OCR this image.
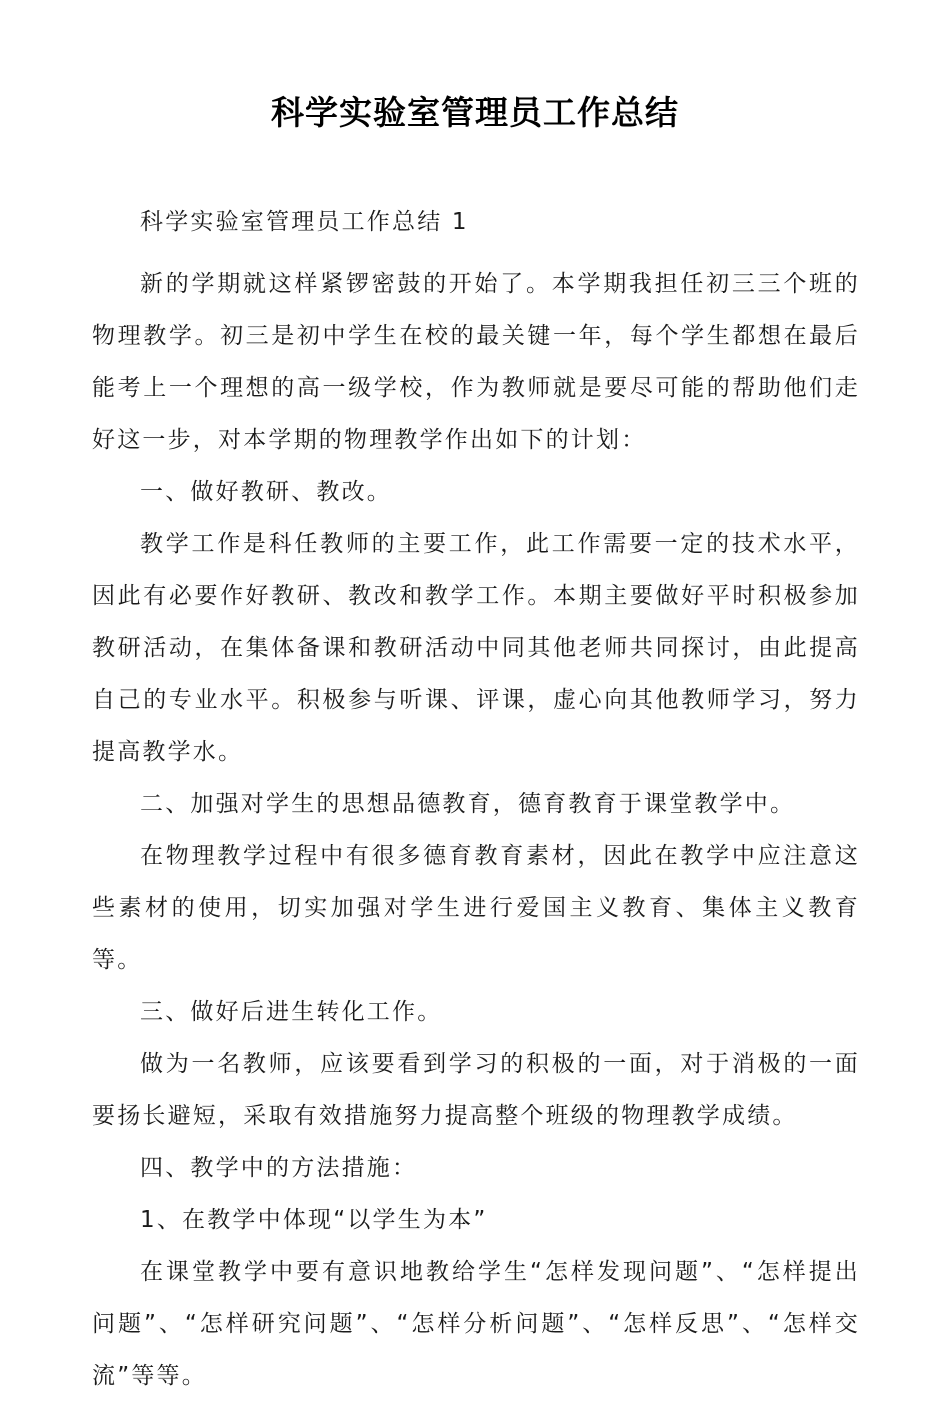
科学实验室管理员工作总结

科学实验室管理员工作总结 1

新的学期就这样紧锣密鼓的开始了。本学期我担任初三三个班的物理教学。初三是初中学生在校的最关键一年，每个学生都想在最后能考上一个理想的高一级学校，作为教师就是要尽可能的帮助他们走好这一步，对本学期的物理教学作出如下的计划：

一、做好教研、教改。

教学工作是科任教师的主要工作，此工作需要一定的技术水平，因此有必要作好教研、教改和教学工作。本期主要做好平时积极参加教研活动，在集体备课和教研活动中同其他老师共同探讨，由此提高自己的专业水平。积极参与听课、评课，虚心向其他教师学习，努力提高教学水。

二、加强对学生的思想品德教育，德育教育于课堂教学中。

在物理教学过程中有很多德育教育素材，因此在教学中应注意这些素材的使用，切实加强对学生进行爱国主义教育、集体主义教育等。

三、做好后进生转化工作。

做为一名教师，应该要看到学习的积极的一面，对于消极的一面要扬长避短，采取有效措施努力提高整个班级的物理教学成绩。

四、教学中的方法措施：

1、在教学中体现“以学生为本”

在课堂教学中要有意识地教给学生“怎样发现问题”、“怎样提出问题”、“怎样研究问题”、“怎样分析问题”、“怎样反思”、“怎样交流”等等。
